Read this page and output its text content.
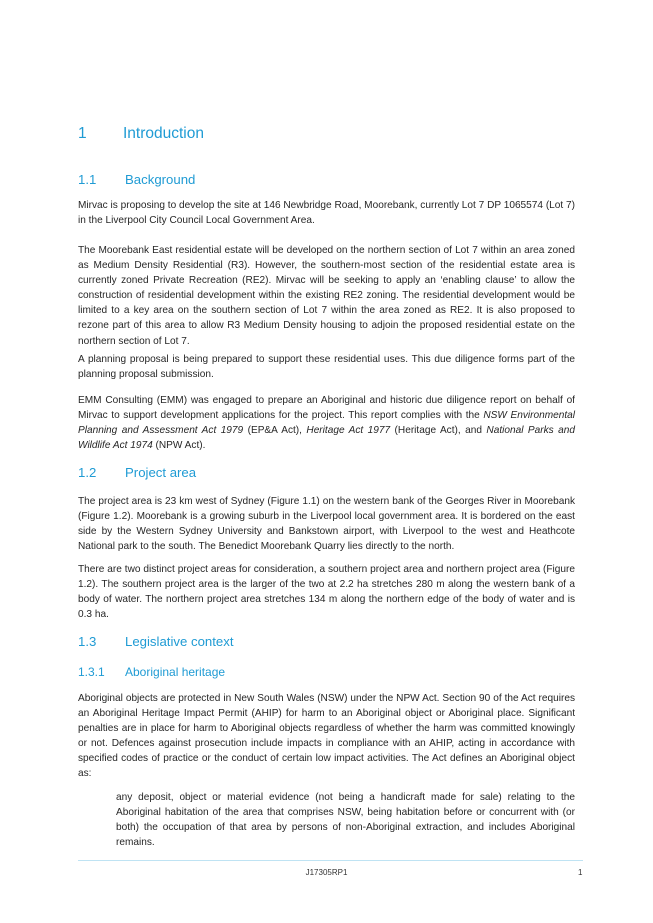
1	Introduction
1.1	Background

Mirvac is proposing to develop the site at 146 Newbridge Road, Moorebank, currently Lot 7 DP 1065574 (Lot 7) in the Liverpool City Council Local Government Area.

The Moorebank East residential estate will be developed on the northern section of Lot 7 within an area zoned as Medium Density Residential (R3). However, the southern-most section of the residential estate area is currently zoned Private Recreation (RE2). Mirvac will be seeking to apply an ‘enabling clause’ to allow the construction of residential development within the existing RE2 zoning. The residential development would be limited to a key area on the southern section of Lot 7 within the area zoned as RE2. It is also proposed to rezone part of this area to allow R3 Medium Density housing to adjoin the proposed residential estate on the northern section of Lot 7.

A planning proposal is being prepared to support these residential uses. This due diligence forms part of the planning proposal submission.

EMM Consulting (EMM) was engaged to prepare an Aboriginal and historic due diligence report on behalf of Mirvac to support development applications for the project. This report complies with the NSW Environmental Planning and Assessment Act 1979 (EP&A Act), Heritage Act 1977 (Heritage Act), and National Parks and Wildlife Act 1974 (NPW Act).

1.2	Project area

The project area is 23 km west of Sydney (Figure 1.1) on the western bank of the Georges River in Moorebank (Figure 1.2). Moorebank is a growing suburb in the Liverpool local government area. It is bordered on the east side by the Western Sydney University and Bankstown airport, with Liverpool to the west and Heathcote National park to the south. The Benedict Moorebank Quarry lies directly to the north.

There are two distinct project areas for consideration, a southern project area and northern project area (Figure 1.2). The southern project area is the larger of the two at 2.2 ha stretches 280 m along the western bank of a body of water. The northern project area stretches 134 m along the northern edge of the body of water and is 0.3 ha.

1.3	Legislative context
1.3.1	Aboriginal heritage

Aboriginal objects are protected in New South Wales (NSW) under the NPW Act. Section 90 of the Act requires an Aboriginal Heritage Impact Permit (AHIP) for harm to an Aboriginal object or Aboriginal place. Significant penalties are in place for harm to Aboriginal objects regardless of whether the harm was committed knowingly or not. Defences against prosecution include impacts in compliance with an AHIP, acting in accordance with specified codes of practice or the conduct of certain low impact activities. The Act defines an Aboriginal object as:

any deposit, object or material evidence (not being a handicraft made for sale) relating to the Aboriginal habitation of the area that comprises NSW, being habitation before or concurrent with (or both) the occupation of that area by persons of non-Aboriginal extraction, and includes Aboriginal remains.

J17305RP1	1
